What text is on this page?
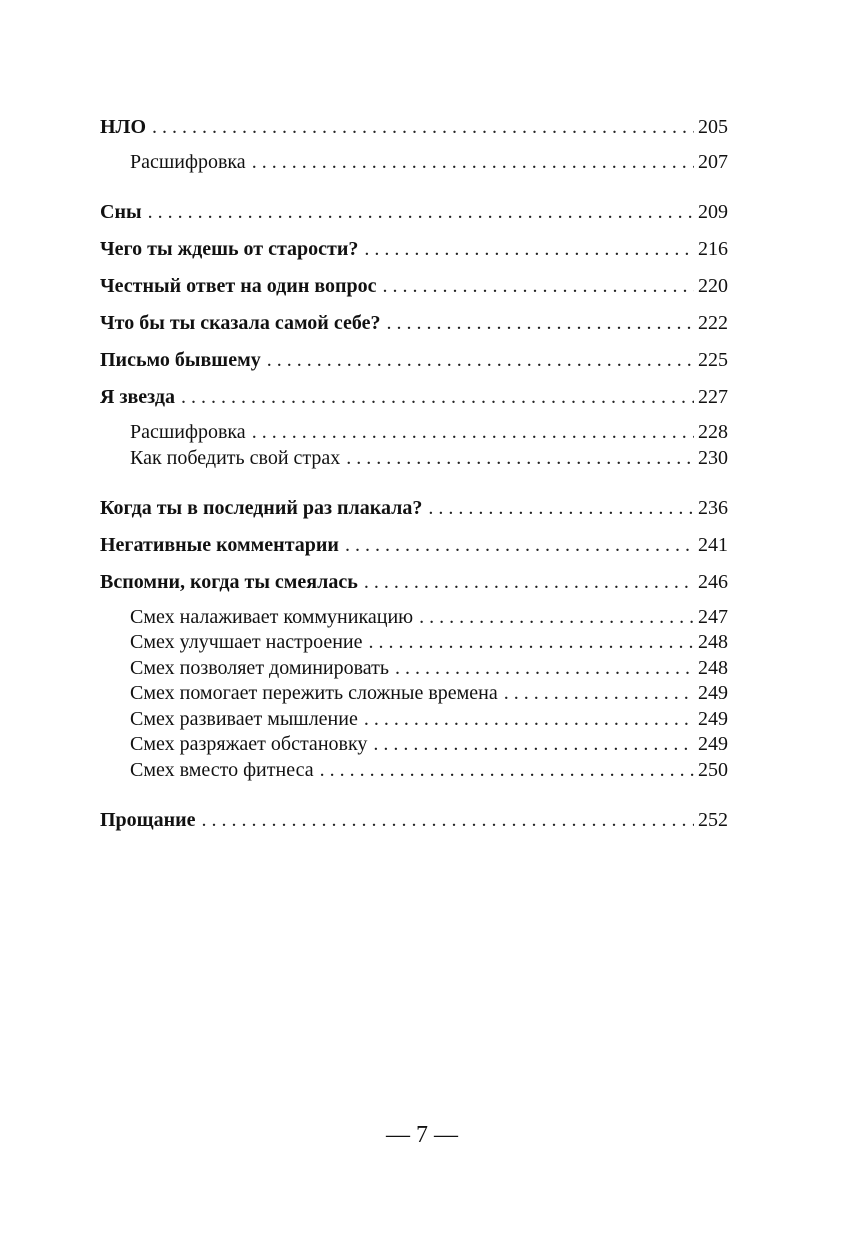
НЛО . . .	205
Расшифровка . . .	207
Сны . . .	209
Чего ты ждешь от старости? . . .	216
Честный ответ на один вопрос . . .	220
Что бы ты сказала самой себе? . . .	222
Письмо бывшему . . .	225
Я звезда . . .	227
Расшифровка . . .	228
Как победить свой страх . . .	230
Когда ты в последний раз плакала? . . .	236
Негативные комментарии . . .	241
Вспомни, когда ты смеялась . . .	246
Смех налаживает коммуникацию . . .	247
Смех улучшает настроение . . .	248
Смех позволяет доминировать . . .	248
Смех помогает пережить сложные времена . . .	249
Смех развивает мышление . . .	249
Смех разряжает обстановку . . .	249
Смех вместо фитнеса . . .	250
Прощание . . .	252
— 7 —
